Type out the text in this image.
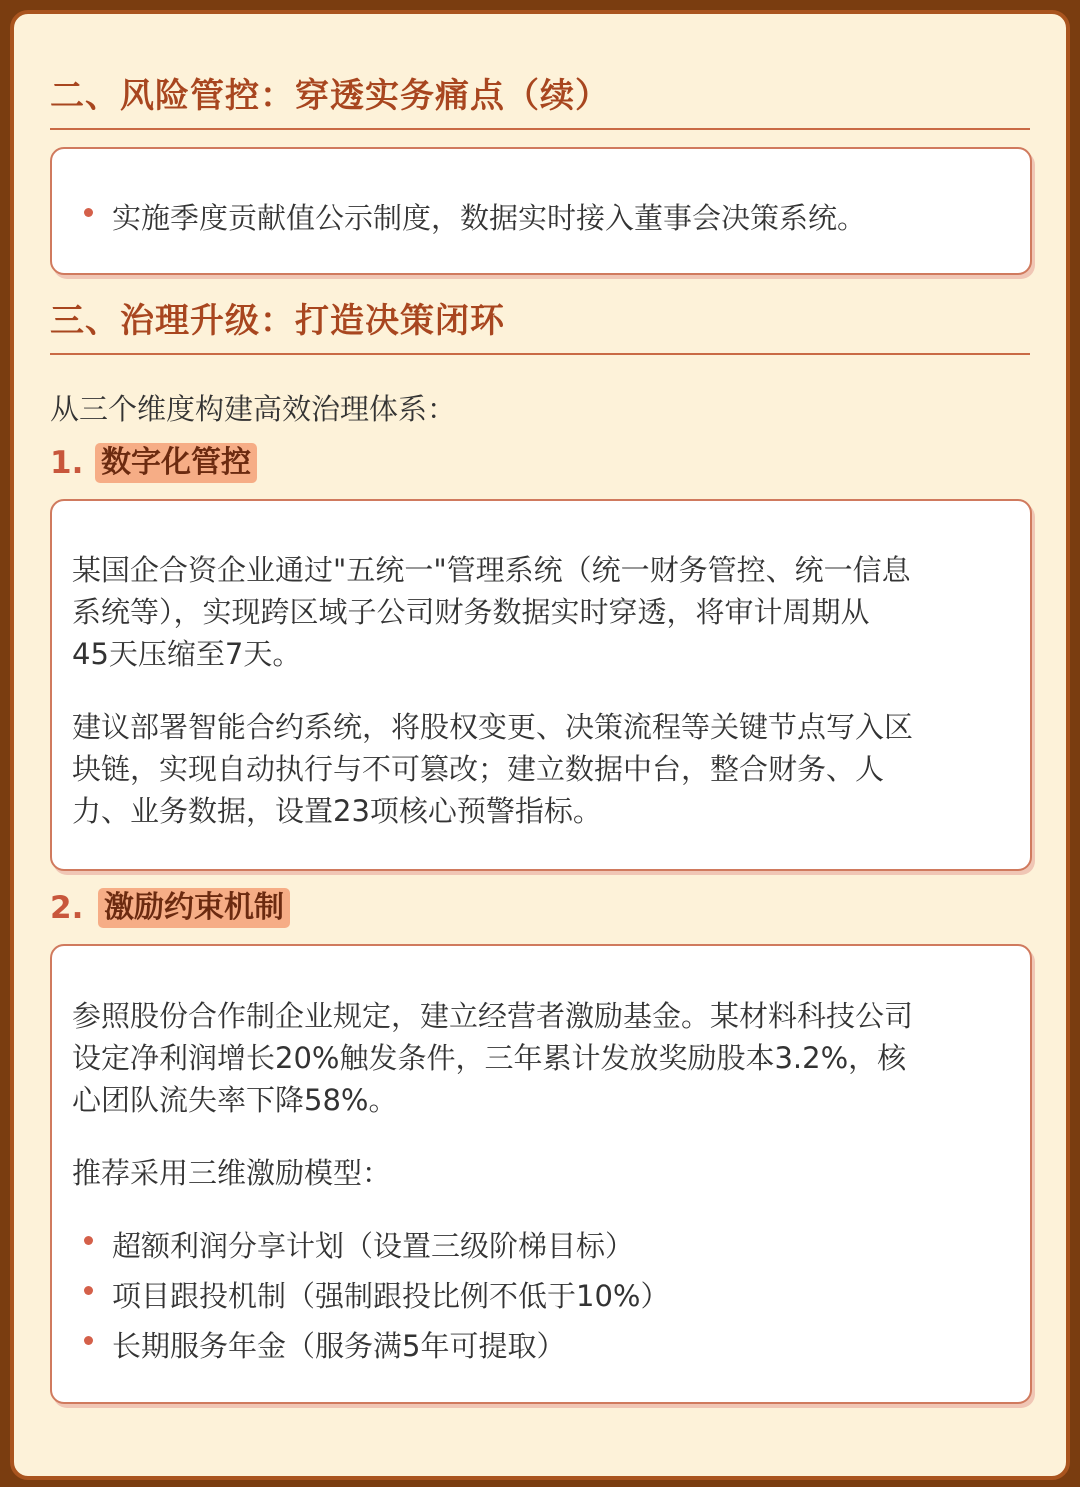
二、风险管控：穿透实务痛点（续）
实施季度贡献值公示制度，数据实时接入董事会决策系统。
三、治理升级：打造决策闭环
从三个维度构建高效治理体系：
1. 数字化管控
某国企合资企业通过"五统一"管理系统（统一财务管控、统一信息
系统等），实现跨区域子公司财务数据实时穿透，将审计周期从
45天压缩至7天。
建议部署智能合约系统，将股权变更、决策流程等关键节点写入区
块链，实现自动执行与不可篡改；建立数据中台，整合财务、人
力、业务数据，设置23项核心预警指标。
2. 激励约束机制
参照股份合作制企业规定，建立经营者激励基金。某材料科技公司
设定净利润增长20%触发条件，三年累计发放奖励股本3.2%，核
心团队流失率下降58%。
推荐采用三维激励模型：
超额利润分享计划（设置三级阶梯目标）
项目跟投机制（强制跟投比例不低于10%）
长期服务年金（服务满5年可提取）
